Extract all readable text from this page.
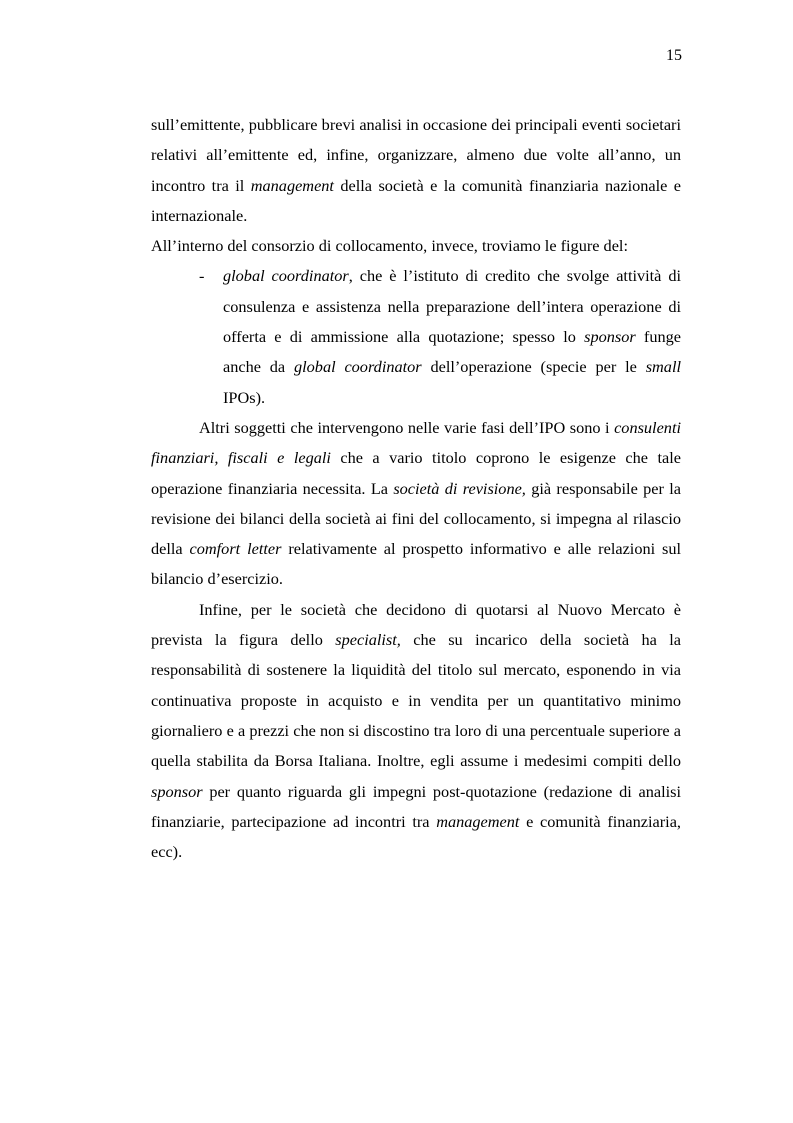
15

sull’emittente, pubblicare brevi analisi in occasione dei principali eventi societari relativi all’emittente ed, infine, organizzare, almeno due volte all’anno, un incontro tra il management della società e la comunità finanziaria nazionale e internazionale.

All’interno del consorzio di collocamento, invece, troviamo le figure del:

- global coordinator, che è l’istituto di credito che svolge attività di consulenza e assistenza nella preparazione dell’intera operazione di offerta e di ammissione alla quotazione; spesso lo sponsor funge anche da global coordinator dell’operazione (specie per le small IPOs).

Altri soggetti che intervengono nelle varie fasi dell’IPO sono i consulenti finanziari, fiscali e legali che a vario titolo coprono le esigenze che tale operazione finanziaria necessita. La società di revisione, già responsabile per la revisione dei bilanci della società ai fini del collocamento, si impegna al rilascio della comfort letter relativamente al prospetto informativo e alle relazioni sul bilancio d’esercizio.

Infine, per le società che decidono di quotarsi al Nuovo Mercato è prevista la figura dello specialist, che su incarico della società ha la responsabilità di sostenere la liquidità del titolo sul mercato, esponendo in via continuativa proposte in acquisto e in vendita per un quantitativo minimo giornaliero e a prezzi che non si discostino tra loro di una percentuale superiore a quella stabilita da Borsa Italiana. Inoltre, egli assume i medesimi compiti dello sponsor per quanto riguarda gli impegni post-quotazione (redazione di analisi finanziarie, partecipazione ad incontri tra management e comunità finanziaria, ecc).
